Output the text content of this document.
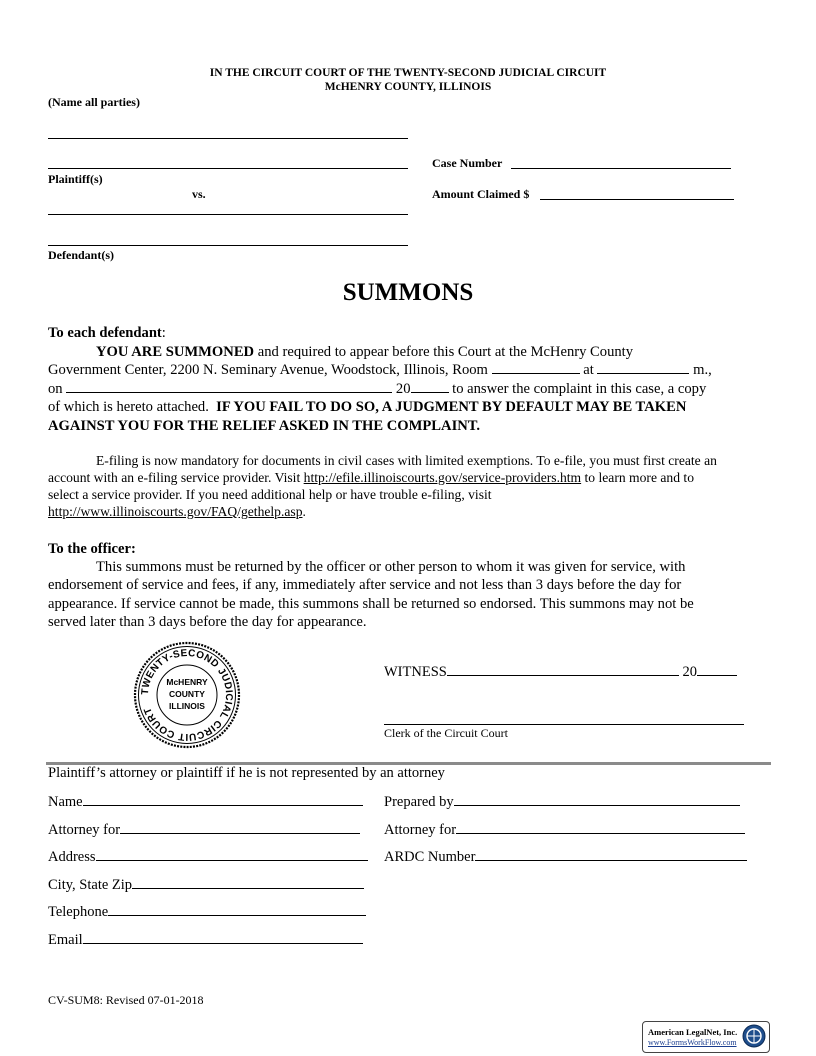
IN THE CIRCUIT COURT OF THE TWENTY-SECOND JUDICIAL CIRCUIT
McHENRY COUNTY, ILLINOIS
(Name all parties)
Plaintiff(s)
vs.
Defendant(s)
Case Number
Amount Claimed $
SUMMONS
To each defendant:
YOU ARE SUMMONED and required to appear before this Court at the McHenry County
Government Center, 2200 N. Seminary Avenue, Woodstock, Illinois, Room	at	m.,
on	20	to answer the complaint in this case, a copy
of which is hereto attached. IF YOU FAIL TO DO SO, A JUDGMENT BY DEFAULT MAY BE TAKEN
AGAINST YOU FOR THE RELIEF ASKED IN THE COMPLAINT.
E-filing is now mandatory for documents in civil cases with limited exemptions. To e-file, you must first create an
account with an e-filing service provider. Visit http://efile.illinoiscourts.gov/service-providers.htm to learn more and to
select a service provider. If you need additional help or have trouble e-filing, visit
http://www.illinoiscourts.gov/FAQ/gethelp.asp.
To the officer:
This summons must be returned by the officer or other person to whom it was given for service, with
endorsement of service and fees, if any, immediately after service and not less than 3 days before the day for
appearance. If service cannot be made, this summons shall be returned so endorsed. This summons may not be
served later than 3 days before the day for appearance.
TWENTY-SECOND JUDICIAL CIRCUIT COURT
McHENRY
COUNTY
ILLINOIS
WITNESS	20
Clerk of the Circuit Court
Plaintiff’s attorney or plaintiff if he is not represented by an attorney
Name
Attorney for
Address
City, State Zip
Telephone
Email
Prepared by
Attorney for
ARDC Number
CV-SUM8: Revised 07-01-2018
American LegalNet, Inc.
www.FormsWorkFlow.com
